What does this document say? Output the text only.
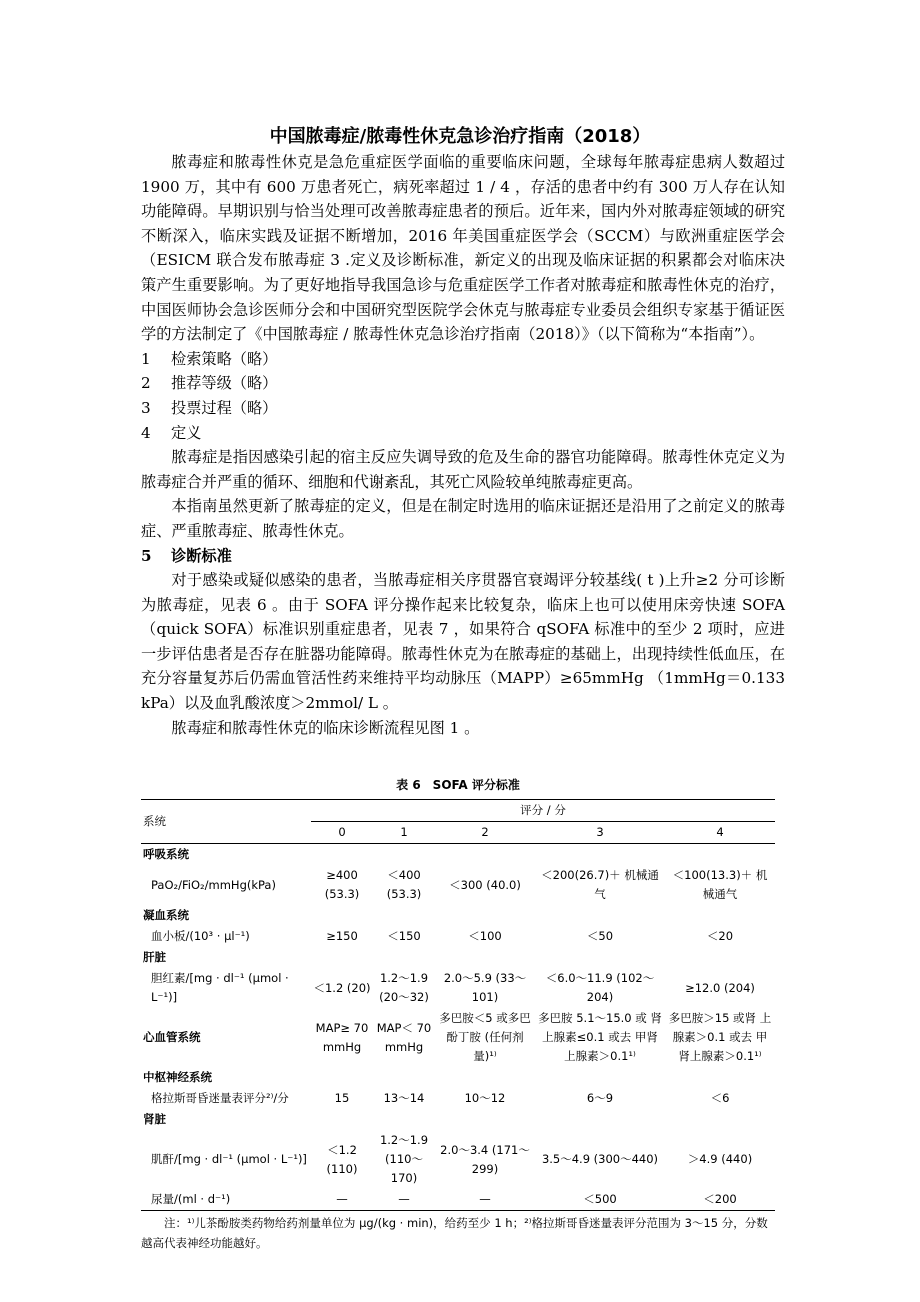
中国脓毒症/脓毒性休克急诊治疗指南（2018）

脓毒症和脓毒性休克是急危重症医学面临的重要临床问题，全球每年脓毒症患病人数超过 1900 万，其中有 600 万患者死亡，病死率超过 1 / 4 ，存活的患者中约有 300 万人存在认知功能障碍。早期识别与恰当处理可改善脓毒症患者的预后。近年来，国内外对脓毒症领域的研究不断深入，临床实践及证据不断增加，2016 年美国重症医学会（SCCM）与欧洲重症医学会（ESICM 联合发布脓毒症 3 .定义及诊断标准，新定义的出现及临床证据的积累都会对临床决策产生重要影响。为了更好地指导我国急诊与危重症医学工作者对脓毒症和脓毒性休克的治疗，中国医师协会急诊医师分会和中国研究型医院学会休克与脓毒症专业委员会组织专家基于循证医学的方法制定了《中国脓毒症 / 脓毒性休克急诊治疗指南（2018）》（以下简称为“本指南”）。

1	检索策略（略）
2	推荐等级（略）
3	投票过程（略）
4	定义

脓毒症是指因感染引起的宿主反应失调导致的危及生命的器官功能障碍。脓毒性休克定义为脓毒症合并严重的循环、细胞和代谢紊乱，其死亡风险较单纯脓毒症更高。

本指南虽然更新了脓毒症的定义，但是在制定时选用的临床证据还是沿用了之前定义的脓毒症、严重脓毒症、脓毒性休克。

5	诊断标准

对于感染或疑似感染的患者，当脓毒症相关序贯器官衰竭评分较基线( t )上升≥2 分可诊断为脓毒症，见表 6 。由于 SOFA 评分操作起来比较复杂，临床上也可以使用床旁快速 SOFA（quick SOFA）标准识别重症患者，见表 7 ，如果符合 qSOFA 标准中的至少 2 项时，应进一步评估患者是否存在脏器功能障碍。脓毒性休克为在脓毒症的基础上，出现持续性低血压，在充分容量复苏后仍需血管活性药来维持平均动脉压（MAPP）≥65mmHg （1mmHg＝0.133 kPa）以及血乳酸浓度＞2mmol/ L 。

脓毒症和脓毒性休克的临床诊断流程见图 1 。

表 6　SOFA 评分标准
系统	评分 / 分				
	0	1	2	3	4
呼吸系统					
PaO₂/FiO₂/mmHg(kPa)	≥400 (53.3)	＜400 (53.3)	＜300 (40.0)	＜200(26.7)＋ 机械通气	＜100(13.3)＋ 机械通气
凝血系统					
血小板/(10³ · μl⁻¹)	≥150	＜150	＜100	＜50	＜20
肝脏					
胆红素/[mg · dl⁻¹ (μmol · L⁻¹)]	＜1.2 (20)	1.2～1.9 (20～32)	2.0～5.9 (33～101)	＜6.0～11.9 (102～204)	≥12.0 (204)
心血管系统	MAP≥ 70 mmHg	MAP＜ 70 mmHg	多巴胺＜5 或多巴酚丁胺 (任何剂量)¹⁾	多巴胺 5.1～15.0 或 肾上腺素≤0.1 或去 甲肾上腺素＞0.1¹⁾	多巴胺＞15 或肾 上腺素＞0.1 或去 甲肾上腺素＞0.1¹⁾
中枢神经系统					
格拉斯哥昏迷量表评分²⁾/分	15	13～14	10～12	6～9	＜6
肾脏					
肌酐/[mg · dl⁻¹ (μmol · L⁻¹)]	＜1.2 (110)	1.2～1.9 (110～170)	2.0～3.4 (171～299)	3.5～4.9 (300～440)	＞4.9 (440)
尿量/(ml · d⁻¹)	—	—	—	＜500	＜200
注：¹⁾儿茶酚胺类药物给药剂量单位为 μg/(kg · min)，给药至少 1 h；²⁾格拉斯哥昏迷量表评分范围为 3～15 分，分数越高代表神经功能越好。
